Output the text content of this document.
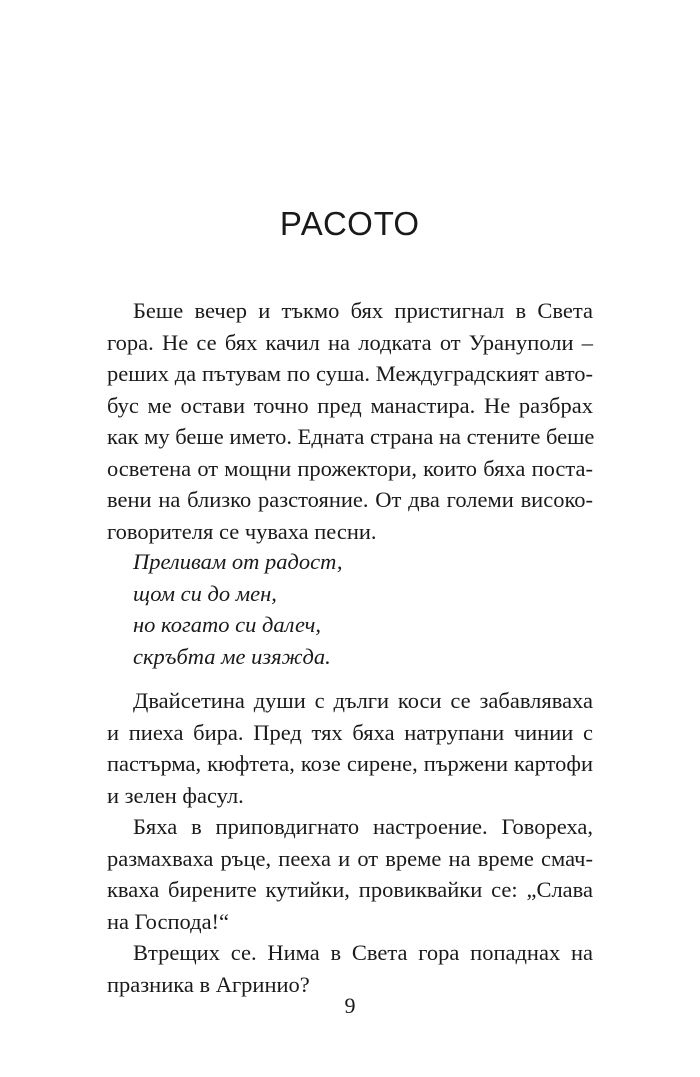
РАСОТО
Беше вечер и тъкмо бях пристигнал в Света
гора. Не се бях качил на лодката от Урануполи –
реших да пътувам по суша. Междуградският авто-
бус ме остави точно пред манастира. Не разбрах
как му беше името. Едната страна на стените беше
осветена от мощни прожектори, които бяха поста-
вени на близко разстояние. От два големи високо-
говорителя се чуваха песни.
Преливам от радост,
щом си до мен,
но когато си далеч,
скръбта ме изяжда.
Двайсетина души с дълги коси се забавляваха
и пиеха бира. Пред тях бяха натрупани чинии с
пастърма, кюфтета, козе сирене, пържени картофи
и зелен фасул.
Бяха в приповдигнато настроение. Говореха,
размахваха ръце, пееха и от време на време смач-
кваха бирените кутийки, провиквайки се: „Слава
на Господа!“
Втрещих се. Нима в Света гора попаднах на
празника в Агринио?
9
